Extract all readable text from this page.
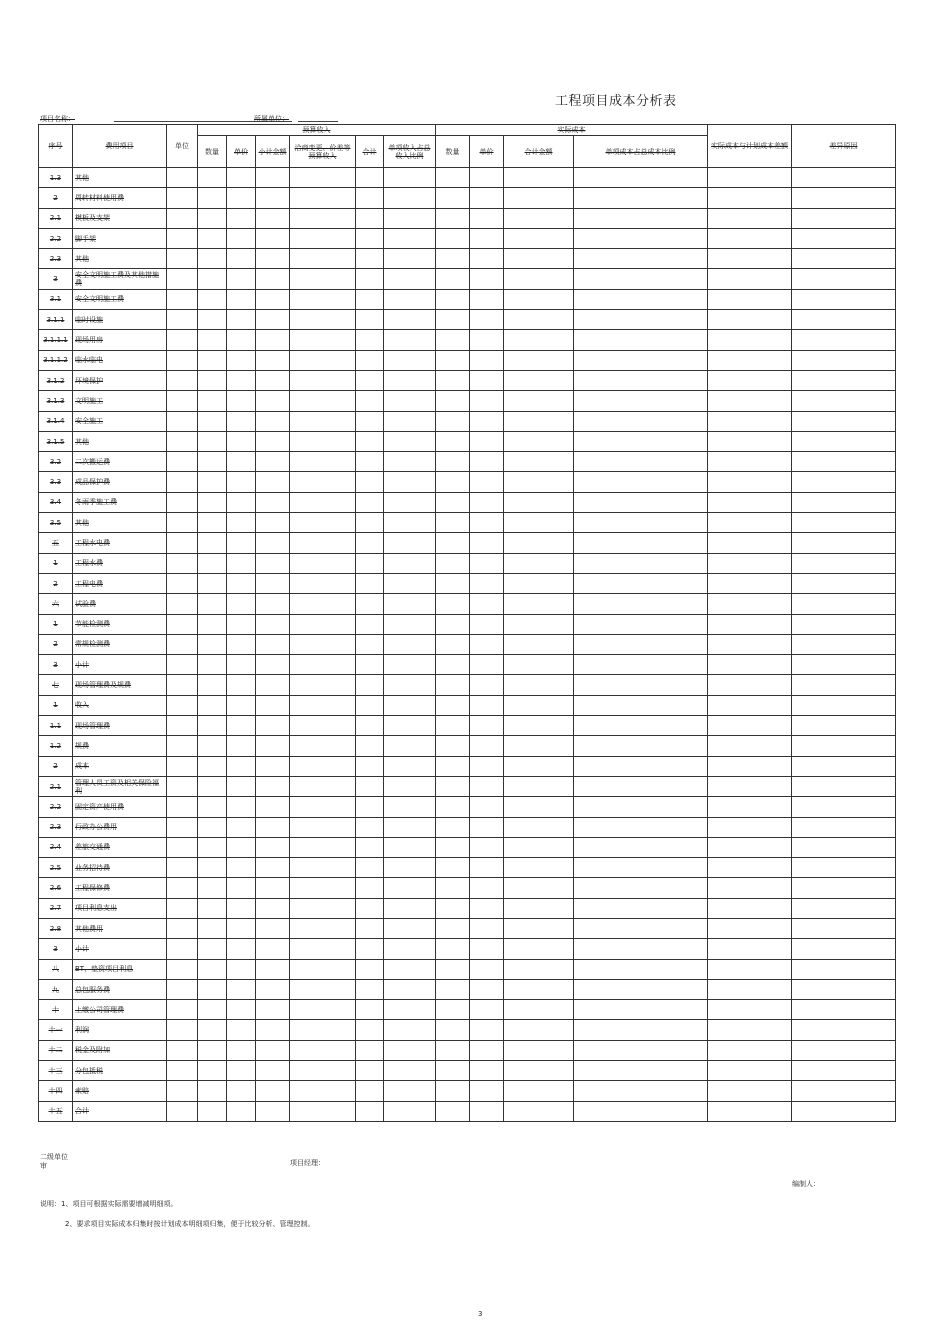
工程项目成本分析表
项目名称：	所属单位：
序号	费用项目	单位	预算收入						实际成本				实际成本与计划成本差额	差异原因
			数量	单价	小计金额	洽商变更、价差等预算收入	合计	单项收入占总收入比例	数量	单价	合计金额	单项成本占总成本比例		
1.3	其他													
2	周转材料使用费													
2.1	模板及支架													
2.2	脚手架													
2.3	其他													
3	安全文明施工费及其他措施费													
3.1	安全文明施工费													
3.1.1	临时设施													
3.1.1.1	现场用房													
3.1.1.2	临水临电													
3.1.2	环境保护													
3.1.3	文明施工													
3.1.4	安全施工													
3.1.5	其他													
3.2	二次搬运费													
3.3	成品保护费													
3.4	冬雨季施工费													
3.5	其他													
五	工程水电费													
1	工程水费													
2	工程电费													
六	试验费													
1	节能检测费													
2	常规检测费													
3	小计													
七	现场管理费及规费													
1	收入													
1.1	现场管理费													
1.2	规费													
2	成本													
2.1	管理人员工资及相关保险福利													
2.2	固定资产使用费													
2.3	行政办公费用													
2.4	差旅交通费													
2.5	业务招待费													
2.6	工程保修费													
2.7	项目利息支出													
2.8	其他费用													
3	小计													
八	BT、垫资项目利息													
九	总包服务费													
十	上缴公司管理费													
十一	利润													
十二	税金及附加													
十三	分包抵税													
十四	索赔													
十五	合计													
二级单位审	项目经理：
编制人：
说明：1、项目可根据实际需要增减明细项。
2、要求项目实际成本归集时按计划成本明细项归集，便于比较分析、管理控制。
3
